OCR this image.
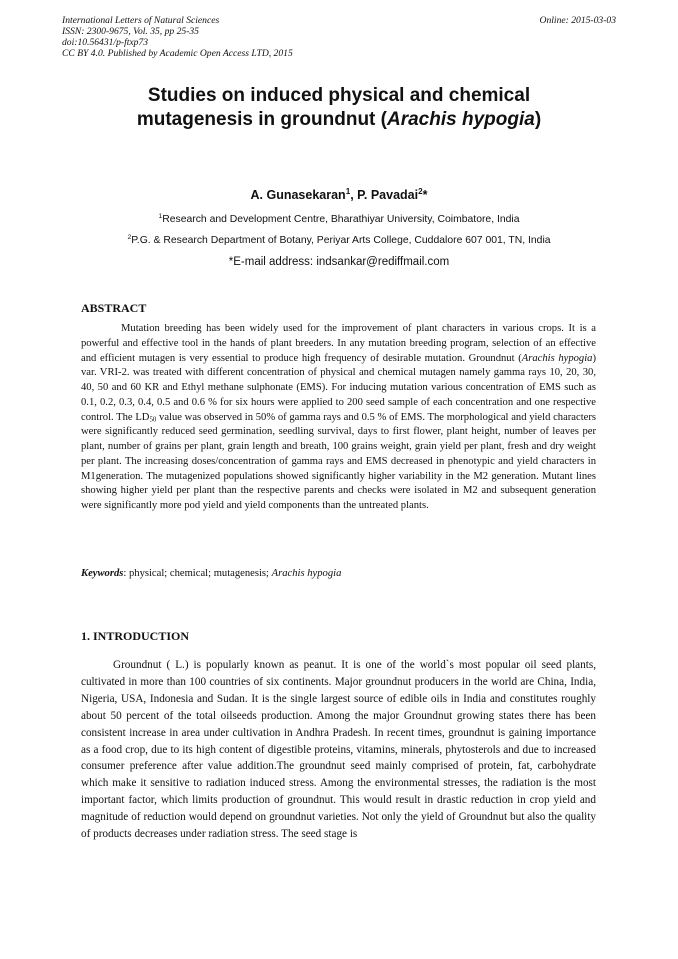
International Letters of Natural Sciences
ISSN: 2300-9675, Vol. 35, pp 25-35
doi:10.56431/p-ftxp73
CC BY 4.0. Published by Academic Open Access LTD, 2015
Online: 2015-03-03
Studies on induced physical and chemical
mutagenesis in groundnut (Arachis hypogia)
A. Gunasekaran$^1$, P. Pavadai$^2$*
$^1$Research and Development Centre, Bharathiyar University, Coimbatore, India
$^2$P.G. & Research Department of Botany, Periyar Arts College, Cuddalore 607 001, TN, India
*E-mail address: indsankar@rediffmail.com
ABSTRACT

Mutation breeding has been widely used for the improvement of plant characters in various crops. It is a powerful and effective tool in the hands of plant breeders. In any mutation breeding program, selection of an effective and efficient mutagen is very essential to produce high frequency of desirable mutation. Groundnut (Arachis hypogia) var. VRI-2. was treated with different concentration of physical and chemical mutagen namely gamma rays 10, 20, 30, 40, 50 and 60 KR and Ethyl methane sulphonate (EMS). For inducing mutation various concentration of EMS such as 0.1, 0.2, 0.3, 0.4, 0.5 and 0.6 % for six hours were applied to 200 seed sample of each concentration and one respective control. The $LD_{50}$ value was observed in 50% of gamma rays and 0.5 % of EMS. The morphological and yield characters were significantly reduced seed germination, seedling survival, days to first flower, plant height, number of leaves per plant, number of grains per plant, grain length and breath, 100 grains weight, grain yield per plant, fresh and dry weight per plant. The increasing doses/concentration of gamma rays and EMS decreased in phenotypic and yield characters in M1generation. The mutagenized populations showed significantly higher variability in the M2 generation. Mutant lines showing higher yield per plant than the respective parents and checks were isolated in M2 and subsequent generation were significantly more pod yield and yield components than the untreated plants.

Keywords: physical; chemical; mutagenesis; Arachis hypogia
1. INTRODUCTION

Groundnut ( L.) is popularly known as peanut. It is one of the world`s most popular oil seed plants, cultivated in more than 100 countries of six continents. Major groundnut producers in the world are China, India, Nigeria, USA, Indonesia and Sudan. It is the single largest source of edible oils in India and constitutes roughly about 50 percent of the total oilseeds production. Among the major Groundnut growing states there has been consistent increase in area under cultivation in Andhra Pradesh. In recent times, groundnut is gaining importance as a food crop, due to its high content of digestible proteins, vitamins, minerals, phytosterols and due to increased consumer preference after value addition.The groundnut seed mainly comprised of protein, fat, carbohydrate which make it sensitive to radiation induced stress. Among the environmental stresses, the radiation is the most important factor, which limits production of groundnut. This would result in drastic reduction in crop yield and magnitude of reduction would depend on groundnut varieties. Not only the yield of Groundnut but also the quality of products decreases under radiation stress. The seed stage is
